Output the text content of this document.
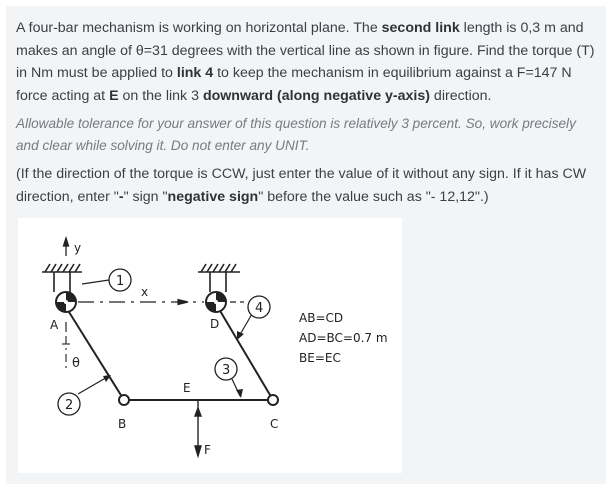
A four-bar mechanism is working on horizontal plane. The second link length is 0,3 m and makes an angle of θ=31 degrees with the vertical line as shown in figure. Find the torque (T) in Nm must be applied to link 4 to keep the mechanism in equilibrium against a F=147 N force acting at E on the link 3 downward (along negative y-axis) direction.

Allowable tolerance for your answer of this question is relatively 3 percent. So, work precisely and clear while solving it. Do not enter any UNIT.

(If the direction of the torque is CCW, just enter the value of it without any sign. If it has CW direction, enter "-" sign "negative sign" before the value such as "- 12,12".)

y
x
1
A	D
θ
2
4
3
B	C
E
F
AB=CD
AD=BC=0.7 m
BE=EC
